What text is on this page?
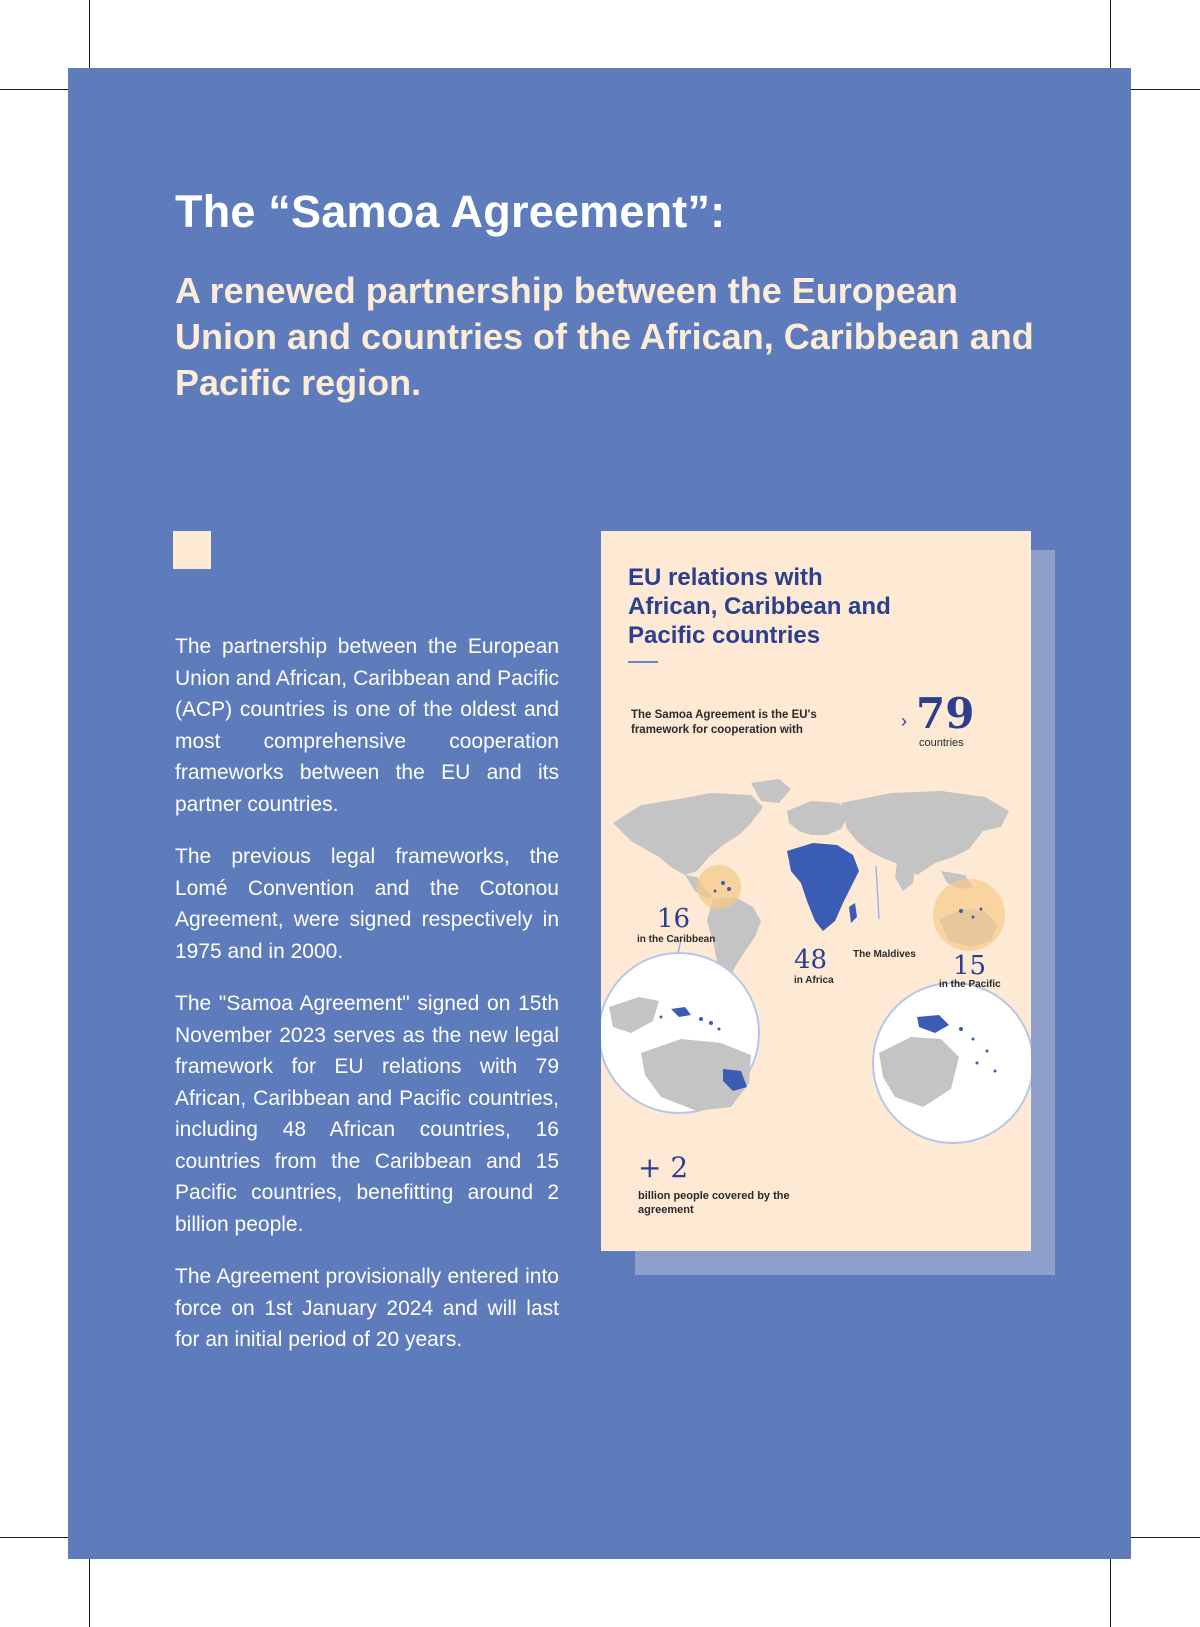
The “Samoa Agreement”:
A renewed partnership between the European Union and countries of the African, Caribbean and Pacific region.

The partnership between the European Union and African, Caribbean and Pacific (ACP) countries is one of the oldest and most comprehensive cooperation frameworks between the EU and its partner countries.

The previous legal frameworks, the Lomé Convention and the Cotonou Agreement, were signed respectively in 1975 and in 2000.

The "Samoa Agreement" signed on 15th November 2023 serves as the new legal framework for EU relations with 79 African, Caribbean and Pacific countries, including 48 African countries, 16 countries from the Caribbean and 15 Pacific countries, benefitting around 2 billion people.

The Agreement provisionally entered into force on 1st January 2024 and will last for an initial period of 20 years.

EU relations with African, Caribbean and Pacific countries
The Samoa Agreement is the EU's framework for cooperation with	› 79
countries
16
in the Caribbean
48
in Africa
The Maldives 15
in the Pacific
+ 2
billion people covered by the agreement
